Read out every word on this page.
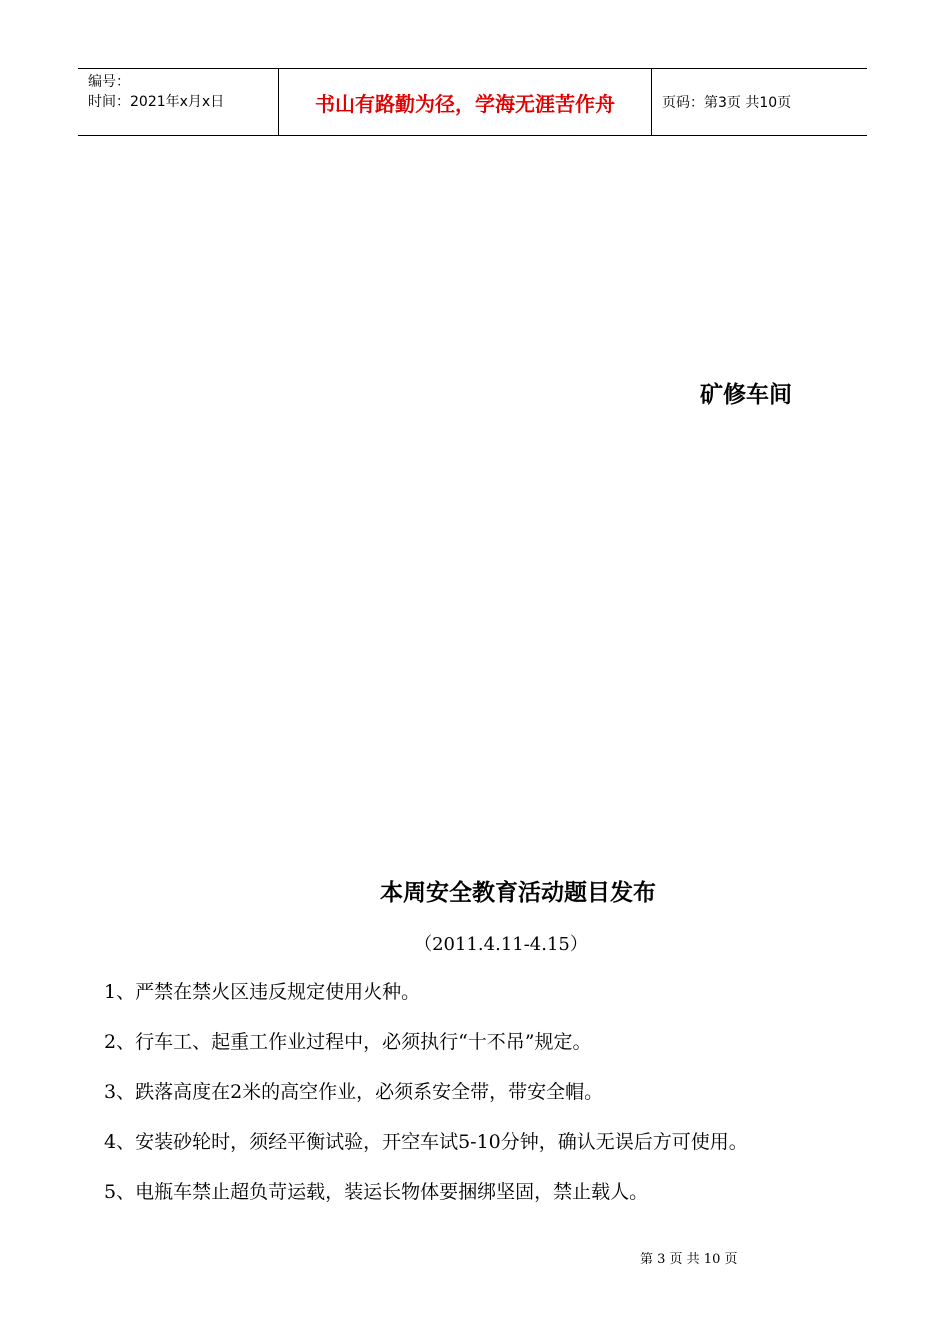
编号：
时间：2021年x月x日	书山有路勤为径，学海无涯苦作舟	页码：第3页 共10页
矿修车间
本周安全教育活动题目发布
（2011.4.11-4.15）
1、严禁在禁火区违反规定使用火种。
2、行车工、起重工作业过程中，必须执行“十不吊”规定。
3、跌落高度在2米的高空作业，必须系安全带，带安全帽。
4、安装砂轮时，须经平衡试验，开空车试5-10分钟，确认无误后方可使用。
5、电瓶车禁止超负苛运载，装运长物体要捆绑坚固，禁止载人。
第 3 页 共 10 页
